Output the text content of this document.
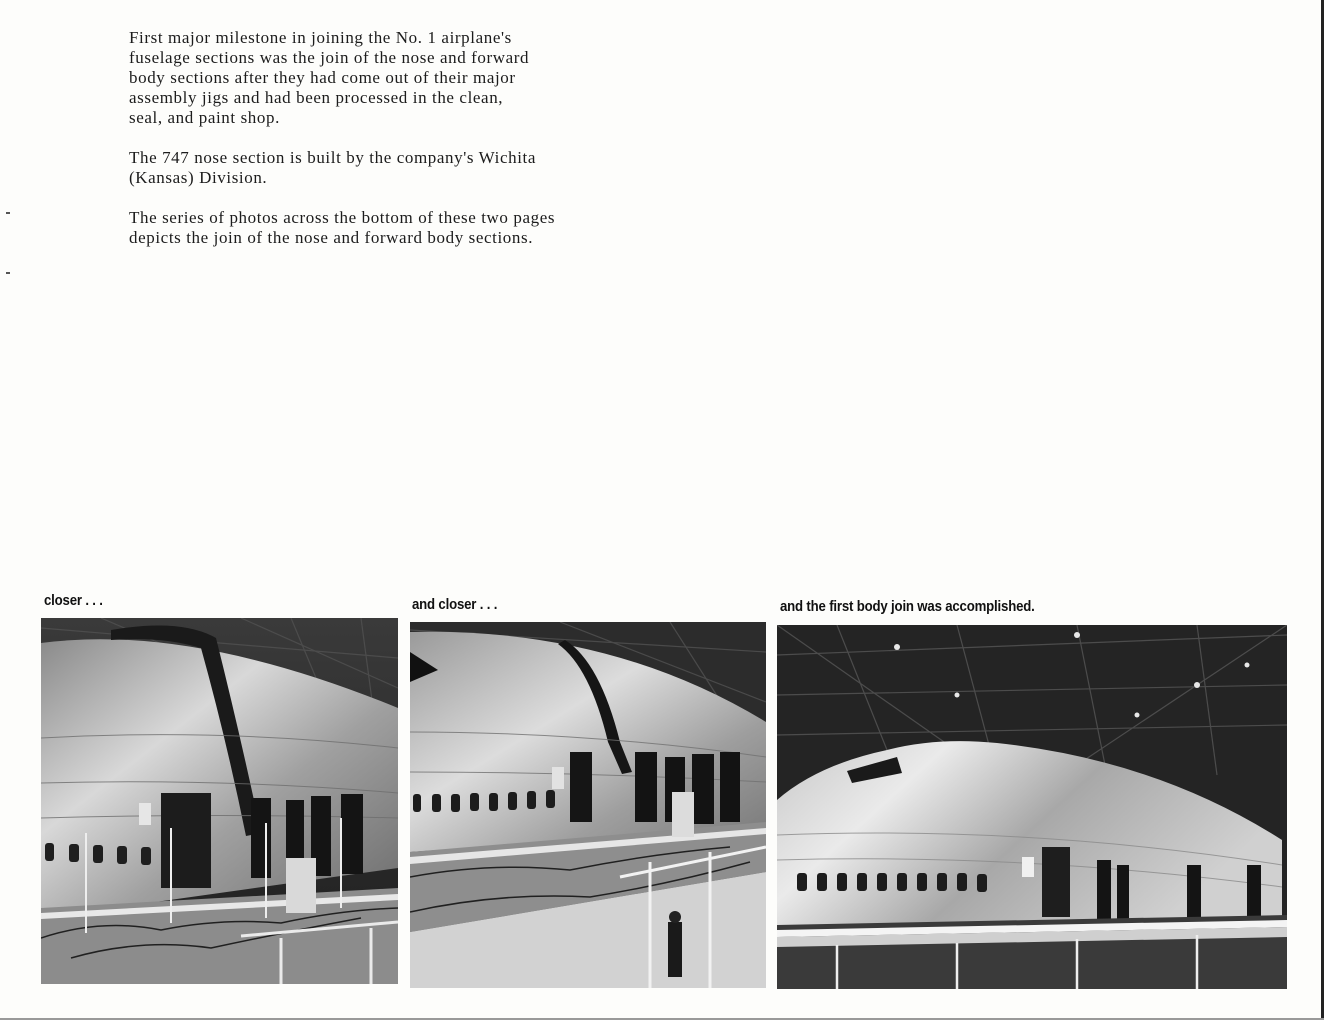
First major milestone in joining the No. 1 airplane's
fuselage sections was the join of the nose and forward
body sections after they had come out of their major
assembly jigs and had been processed in the clean,
seal, and paint shop.

The 747 nose section is built by the company's Wichita
(Kansas) Division.

The series of photos across the bottom of these two pages
depicts the join of the nose and forward body sections.

closer . . .	and closer . . .	and the first body join was accomplished.
